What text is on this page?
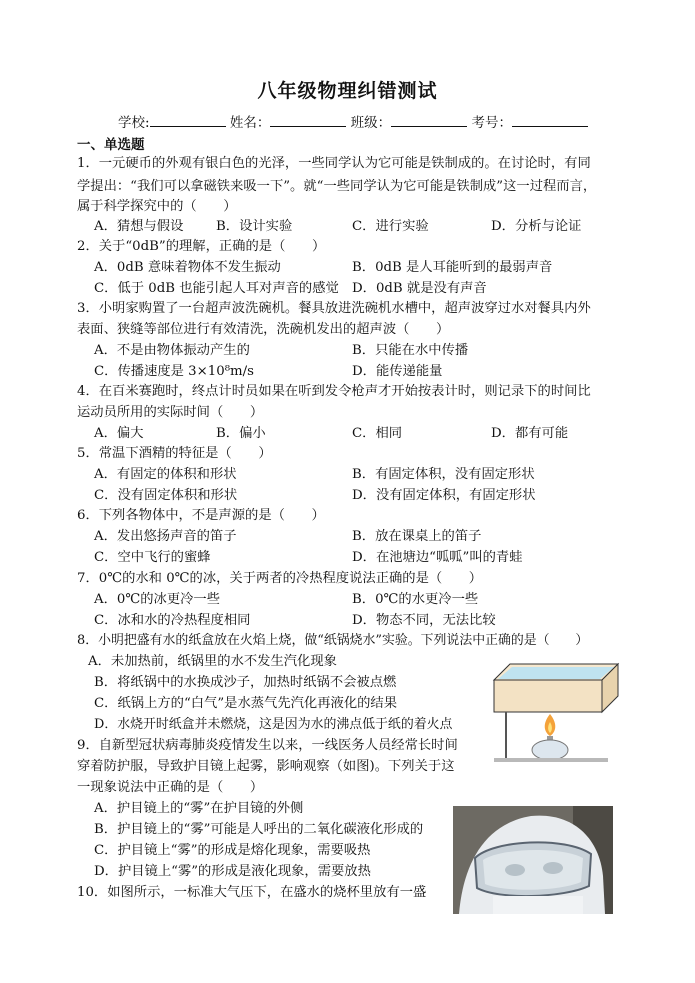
八年级物理纠错测试
学校:	姓名：	班级：	考号：
一、单选题
1．一元硬币的外观有银白色的光泽，一些同学认为它可能是铁制成的。在讨论时，有同
学提出：“我们可以拿磁铁来吸一下”。就“一些同学认为它可能是铁制成”这一过程而言，
属于科学探究中的（　　）
A．猜想与假设 B．设计实验	C．进行实验	D．分析与论证
2．关于“0dB”的理解，正确的是（　　）
A．0dB 意味着物体不发生振动	B．0dB 是人耳能听到的最弱声音
C．低于 0dB 也能引起人耳对声音的感觉 D．0dB 就是没有声音
3．小明家购置了一台超声波洗碗机。餐具放进洗碗机水槽中，超声波穿过水对餐具内外
表面、狭缝等部位进行有效清洗，洗碗机发出的超声波（　　）
A．不是由物体振动产生的	B．只能在水中传播
C．传播速度是 3×10⁸m/s	D．能传递能量
4．在百米赛跑时，终点计时员如果在听到发令枪声才开始按表计时，则记录下的时间比
运动员所用的实际时间（　　）
A．偏大	B．偏小	C．相同	D．都有可能
5．常温下酒精的特征是（　　）
A．有固定的体积和形状	B．有固定体积，没有固定形状
C．没有固定体积和形状	D．没有固定体积，有固定形状
6．下列各物体中，不是声源的是（　　）
A．发出悠扬声音的笛子	B．放在课桌上的笛子
C．空中飞行的蜜蜂	D．在池塘边“呱呱”叫的青蛙
7．0℃的水和 0℃的冰，关于两者的冷热程度说法正确的是（　　）
A．0℃的冰更冷一些	B．0℃的水更冷一些
C．冰和水的冷热程度相同	D．物态不同，无法比较
8．小明把盛有水的纸盒放在火焰上烧，做“纸锅烧水”实验。下列说法中正确的是（　　）
A．未加热前，纸锅里的水不发生汽化现象
B．将纸锅中的水换成沙子，加热时纸锅不会被点燃
C．纸锅上方的“白气”是水蒸气先汽化再液化的结果
D．水烧开时纸盒并未燃烧，这是因为水的沸点低于纸的着火点
9．自新型冠状病毒肺炎疫情发生以来，一线医务人员经常长时间
穿着防护服，导致护目镜上起雾，影响观察（如图)。下列关于这
一现象说法中正确的是（　　）
A．护目镜上的“雾”在护目镜的外侧
B．护目镜上的“雾”可能是人呼出的二氧化碳液化形成的
C．护目镜上“雾”的形成是熔化现象，需要吸热
D．护目镜上“雾”的形成是液化现象，需要放热
10．如图所示，一标准大气压下，在盛水的烧杯里放有一盛
